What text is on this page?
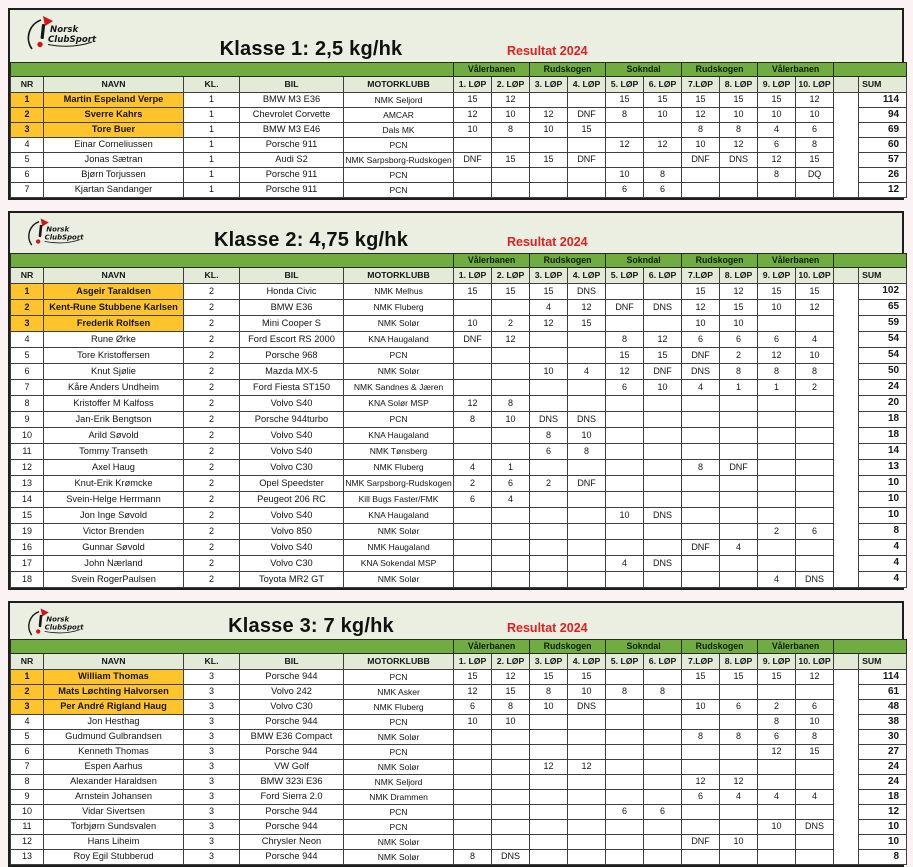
Norsk
ClubSport	Klasse 1: 2,5 kg/hk	Resultat 2024
					Vålerbanen		Rudskogen		Sokndal		Rudskogen		Vålerbanen			
NR	NAVN	KL.	BIL	MOTORKLUBB	1. LØP	2. LØP	3. LØP	4. LØP	5. LØP	6. LØP	7.LØP	8. LØP	9. LØP	10. LØP		SUM
1	Martin Espeland Verpe	1	BMW M3 E36	NMK Seljord	15	12			15	15	15	15	15	12		114
2	Sverre Kahrs	1	Chevrolet Corvette	AMCAR	12	10	12	DNF	8	10	12	10	10	10		94
3	Tore Buer	1	BMW M3 E46	Dals MK	10	8	10	15			8	8	4	6		69
4	Einar Corneliussen	1	Porsche 911	PCN					12	12	10	12	6	8		60
5	Jonas Sætran	1	Audi S2	NMK Sarpsborg-Rudskogen	DNF	15	15	DNF			DNF	DNS	12	15		57
6	Bjørn Torjussen	1	Porsche 911	PCN					10	8			8	DQ		26
7	Kjartan Sandanger	1	Porsche 911	PCN					6	6						12
Norsk
ClubSport	Klasse 2: 4,75 kg/hk	Resultat 2024
					Vålerbanen		Rudskogen		Sokndal		Rudskogen		Vålerbanen			
NR	NAVN	KL.	BIL	MOTORKLUBB	1. LØP	2. LØP	3. LØP	4. LØP	5. LØP	6. LØP	7.LØP	8. LØP	9. LØP	10. LØP		SUM
1	Asgeir Taraldsen	2	Honda Civic	NMK Melhus	15	15	15	DNS			15	12	15	15		102
2	Kent-Rune Stubbene Karlsen	2	BMW E36	NMK Fluberg			4	12	DNF	DNS	12	15	10	12		65
3	Frederik Rolfsen	2	Mini Cooper S	NMK Solør	10	2	12	15			10	10				59
4	Rune Ørke	2	Ford Escort RS 2000	KNA Haugaland	DNF	12			8	12	6	6	6	4		54
5	Tore Kristoffersen	2	Porsche 968	PCN					15	15	DNF	2	12	10		54
6	Knut Sjølie	2	Mazda MX-5	NMK Solør			10	4	12	DNF	DNS	8	8	8		50
7	Kåre Anders Undheim	2	Ford Fiesta ST150	NMK Sandnes & Jæren					6	10	4	1	1	2		24
8	Kristoffer M Kalfoss	2	Volvo S40	KNA Solør MSP	12	8										20
9	Jan-Erik Bengtson	2	Porsche 944turbo	PCN	8	10	DNS	DNS								18
10	Arild Søvold	2	Volvo S40	KNA Haugaland			8	10								18
11	Tommy Transeth	2	Volvo S40	NMK Tønsberg			6	8								14
12	Axel Haug	2	Volvo C30	NMK Fluberg	4	1					8	DNF				13
13	Knut-Erik Krømcke	2	Opel Speedster	NMK Sarpsborg-Rudskogen	2	6	2	DNF								10
14	Svein-Helge Herrmann	2	Peugeot 206 RC	Kill Bugs Faster/FMK	6	4										10
15	Jon Inge Søvold	2	Volvo S40	KNA Haugaland					10	DNS						10
19	Victor Brenden	2	Volvo 850	NMK Solør									2	6		8
16	Gunnar Søvold	2	Volvo S40	NMK Haugaland							DNF	4				4
17	John Nærland	2	Volvo C30	KNA Sokendal MSP					4	DNS						4
18	Svein RogerPaulsen	2	Toyota MR2 GT	NMK Solør									4	DNS		4
Norsk
ClubSport	Klasse 3: 7 kg/hk	Resultat 2024
					Vålerbanen		Rudskogen		Sokndal		Rudskogen		Vålerbanen			
NR	NAVN	KL.	BIL	MOTORKLUBB	1. LØP	2. LØP	3. LØP	4. LØP	5. LØP	6. LØP	7.LØP	8. LØP	9. LØP	10. LØP		SUM
1	William Thomas	3	Porsche 944	PCN	15	12	15	15			15	15	15	12		114
2	Mats Løchting Halvorsen	3	Volvo 242	NMK Asker	12	15	8	10	8	8						61
3	Per André Rigland Haug	3	Volvo C30	NMK Fluberg	6	8	10	DNS			10	6	2	6		48
4	Jon Hesthag	3	Porsche 944	PCN	10	10							8	10		38
5	Gudmund Gulbrandsen	3	BMW E36 Compact	NMK Solør							8	8	6	8		30
6	Kenneth Thomas	3	Porsche 944	PCN									12	15		27
7	Espen Aarhus	3	VW Golf	NMK Solør			12	12								24
8	Alexander Haraldsen	3	BMW 323i E36	NMK Seljord							12	12				24
9	Arnstein Johansen	3	Ford Sierra 2.0	NMK Drammen							6	4	4	4		18
10	Vidar Sivertsen	3	Porsche 944	PCN					6	6						12
11	Torbjørn Sundsvalen	3	Porsche 944	PCN									10	DNS		10
12	Hans Liheim	3	Chrysler Neon	NMK Solør							DNF	10				10
13	Roy Egil Stubberud	3	Porsche 944	NMK Solør	8	DNS										8
